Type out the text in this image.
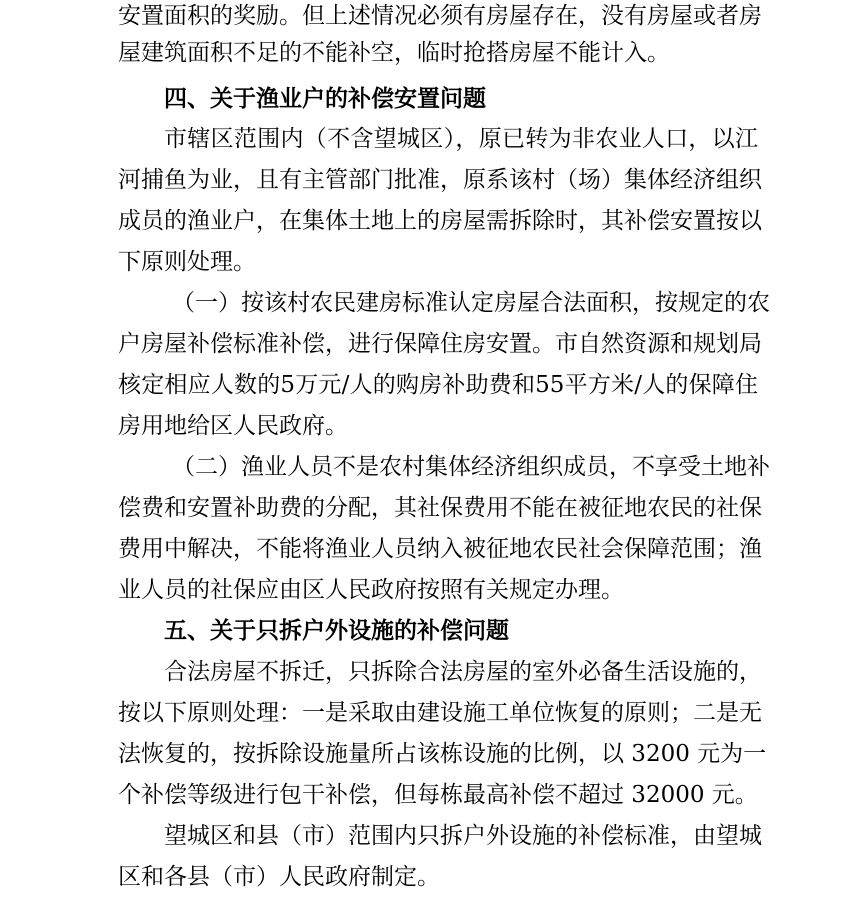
安置面积的奖励。但上述情况必须有房屋存在，没有房屋或者房
屋建筑面积不足的不能补空，临时抢搭房屋不能计入。
四、关于渔业户的补偿安置问题
市辖区范围内（不含望城区），原已转为非农业人口，以江
河捕鱼为业，且有主管部门批准，原系该村（场）集体经济组织
成员的渔业户，在集体土地上的房屋需拆除时，其补偿安置按以
下原则处理。
（一）按该村农民建房标准认定房屋合法面积，按规定的农
户房屋补偿标准补偿，进行保障住房安置。市自然资源和规划局
核定相应人数的5万元/人的购房补助费和55平方米/人的保障住
房用地给区人民政府。
（二）渔业人员不是农村集体经济组织成员，不享受土地补
偿费和安置补助费的分配，其社保费用不能在被征地农民的社保
费用中解决，不能将渔业人员纳入被征地农民社会保障范围；渔
业人员的社保应由区人民政府按照有关规定办理。
五、关于只拆户外设施的补偿问题
合法房屋不拆迁，只拆除合法房屋的室外必备生活设施的，
按以下原则处理：一是采取由建设施工单位恢复的原则；二是无
法恢复的，按拆除设施量所占该栋设施的比例，以 3200 元为一
个补偿等级进行包干补偿，但每栋最高补偿不超过 32000 元。
望城区和县（市）范围内只拆户外设施的补偿标准，由望城
区和各县（市）人民政府制定。
